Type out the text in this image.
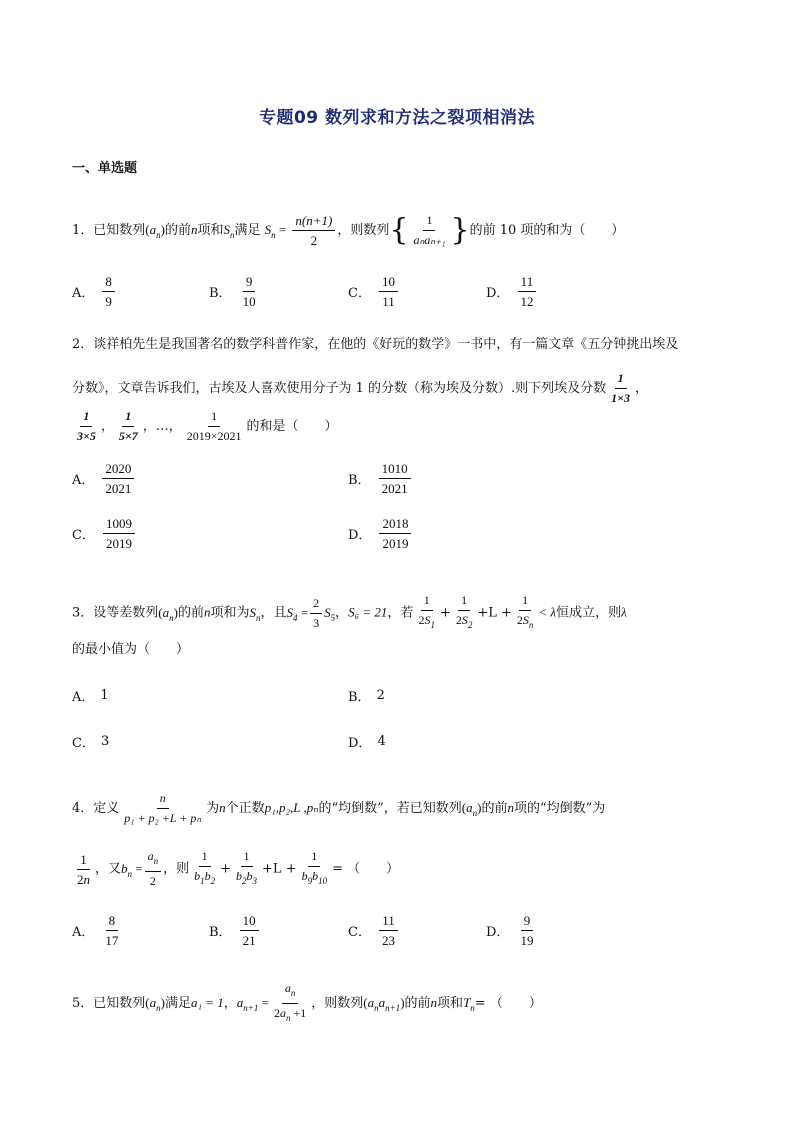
专题09 数列求和方法之裂项相消法
一、单选题
1．已知数列$(a_n)$的前n项和$S_n$满足 $S_n = \frac{n(n+1)}{2}$ ，则数列{ $\frac{1}{\text{aₙaₙ₊₁}}$ }的前 10 项的和为（　　）
A． $\frac{8}{9}$	B． $\frac{9}{10}$	C． $\frac{10}{11}$	D． $\frac{11}{12}$
2．谈祥柏先生是我国著名的数学科普作家，在他的《好玩的数学》一书中，有一篇文章《五分钟挑出埃及
分数》，文章告诉我们，古埃及人喜欢使用分子为 1 的分数（称为埃及分数）.则下列埃及分数 $\frac{1}{1\times 3}$ ，
$\frac{1}{3\times 5}$ ， $\frac{1}{5\times 7}$ ，…， $\frac{1}{2019\times 2021}$ 的和是（　　）
A． $\frac{2020}{2021}$	B． $\frac{1010}{2021}$
C． $\frac{1009}{2019}$	D． $\frac{2018}{2019}$
3．设等差数列$(a_n)$的前n项和为$S_n$，且$S_4 = \frac{2}{3} S_5$，S₆ = 21，若 $\frac{1}{2S_1} + \frac{1}{2S_2} +L + \frac{1}{2S_n} < \lambda$恒成立，则λ
的最小值为（　　）
A． 1	B． 2
C． 3	D． 4
4．定义 $\frac{n}{\text{p₁ + p₂ +L + pₙ}}$ 为n个正数p₁,p₂,L ,pₙ的“均倒数”，若已知数列$(a_n)$的前n项的“均倒数”为
$\frac{1}{2n}$ ，又$b_n = \frac{a_n}{2}$ ，则 $\frac{1}{b_1b_2} + \frac{1}{b_2b_3} +L + \frac{1}{b_9b_{10}}$ = （　　）
A． $\frac{8}{17}$	B． $\frac{10}{21}$	C． $\frac{11}{23}$	D． $\frac{9}{19}$
5．已知数列$(a_n)$满足a₁ = 1，$a_{n+1} = \frac{a_n}{2a_n +1}$ ，则数列$(a_na_{n+1})$的前n项和$T_n=$ （　　）
